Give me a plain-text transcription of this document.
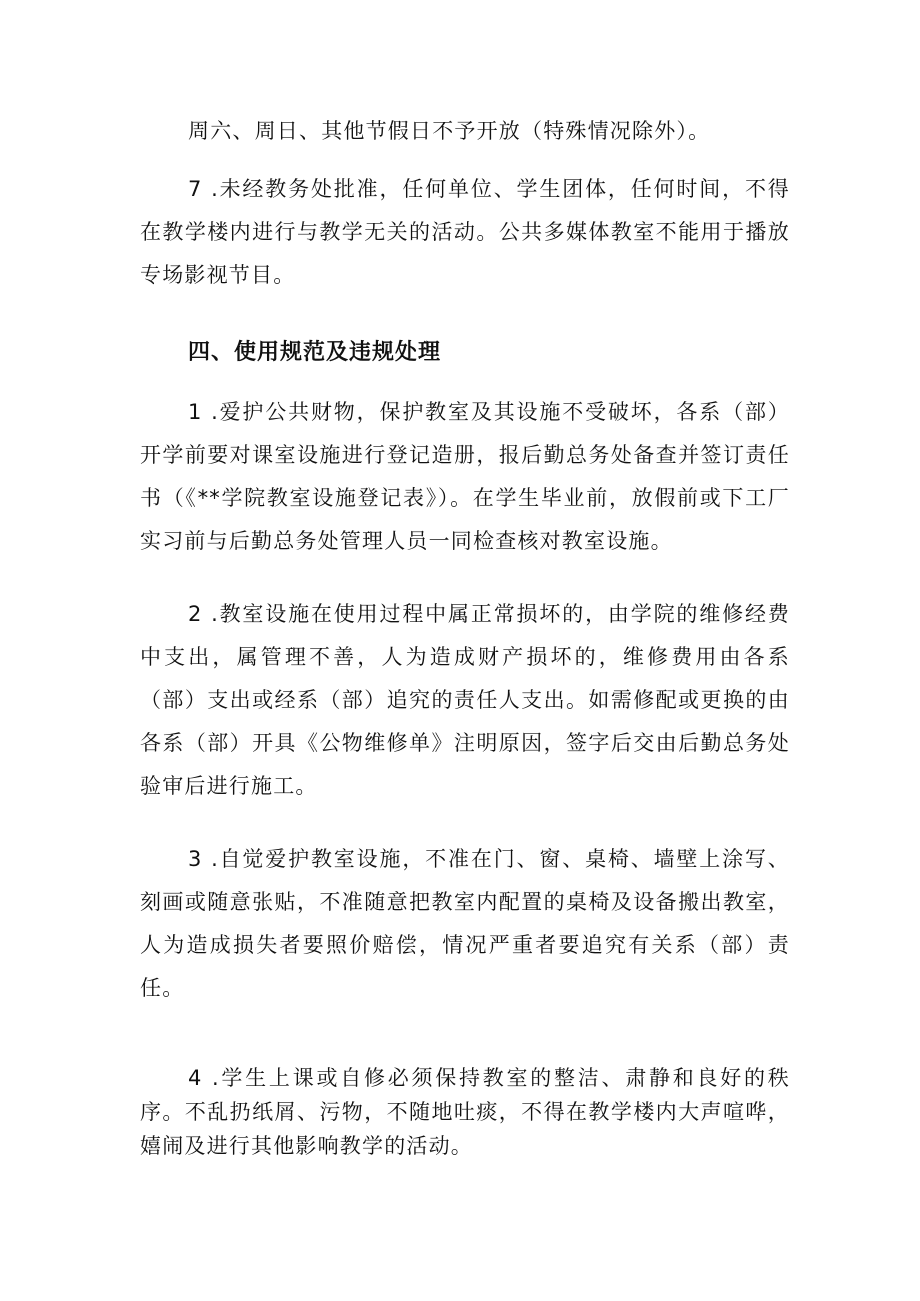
周六、周日、其他节假日不予开放（特殊情况除外）。

7 .未经教务处批准，任何单位、学生团体，任何时间，不得在教学楼内进行与教学无关的活动。公共多媒体教室不能用于播放专场影视节目。

四、使用规范及违规处理

1 .爱护公共财物，保护教室及其设施不受破坏，各系（部）开学前要对课室设施进行登记造册，报后勤总务处备查并签订责任书（《**学院教室设施登记表》）。在学生毕业前，放假前或下工厂实习前与后勤总务处管理人员一同检查核对教室设施。

2 .教室设施在使用过程中属正常损坏的，由学院的维修经费中支出，属管理不善，人为造成财产损坏的，维修费用由各系（部）支出或经系（部）追究的责任人支出。如需修配或更换的由各系（部）开具《公物维修单》注明原因，签字后交由后勤总务处验审后进行施工。

3 .自觉爱护教室设施，不准在门、窗、桌椅、墙壁上涂写、刻画或随意张贴，不准随意把教室内配置的桌椅及设备搬出教室，人为造成损失者要照价赔偿，情况严重者要追究有关系（部）责任。

4 .学生上课或自修必须保持教室的整洁、肃静和良好的秩序。不乱扔纸屑、污物，不随地吐痰，不得在教学楼内大声喧哗，嬉闹及进行其他影响教学的活动。
